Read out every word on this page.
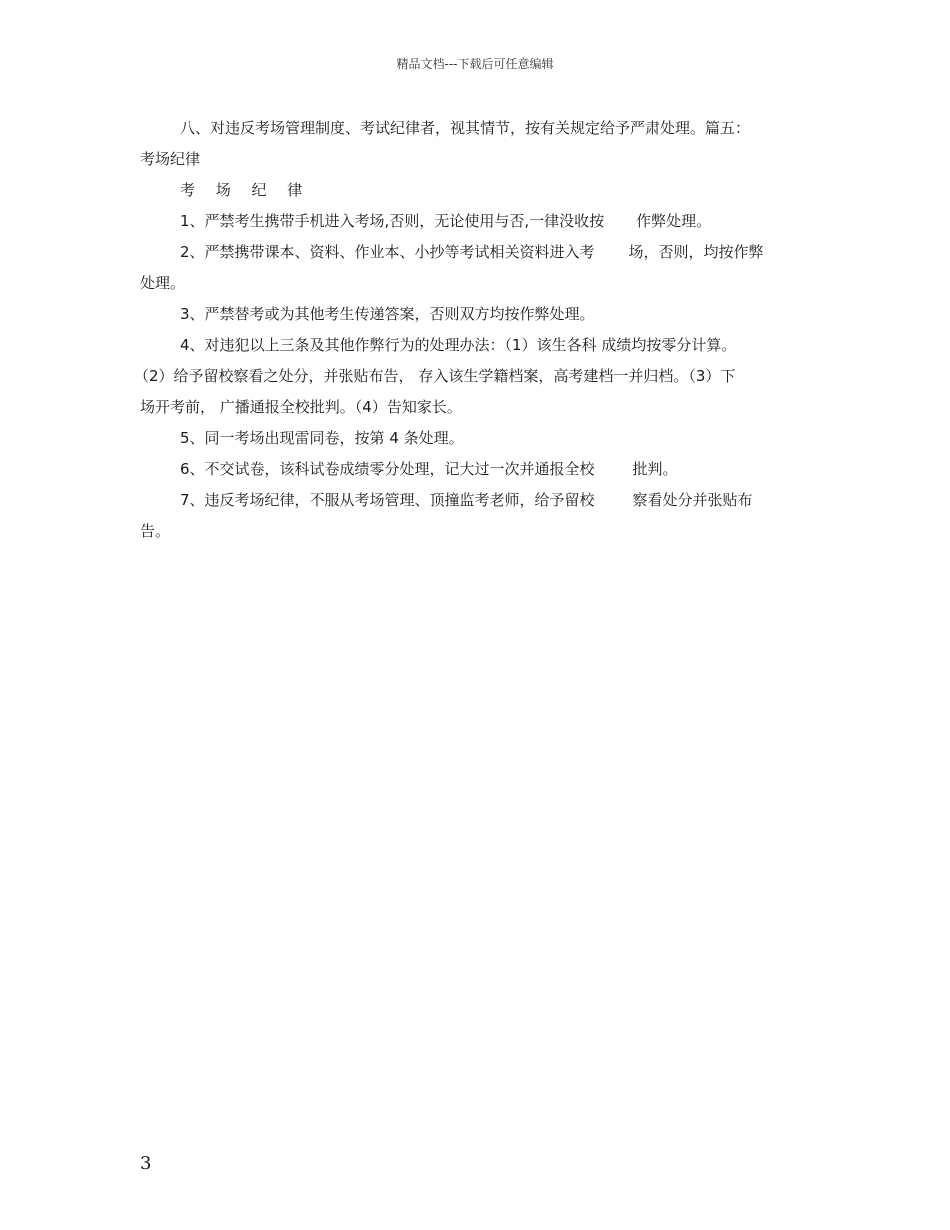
精品文档---下载后可任意编辑
八、对违反考场管理制度、考试纪律者，视其情节，按有关规定给予严肃处理。篇五：
考场纪律
考 场 纪 律
1、严禁考生携带手机进入考场,否则，无论使用与否,一律没收按 作弊处理。
2、严禁携带课本、资料、作业本、小抄等考试相关资料进入考 场，否则，均按作弊
处理。
3、严禁替考或为其他考生传递答案，否则双方均按作弊处理。
4、对违犯以上三条及其他作弊行为的处理办法：（1）该生各科 成绩均按零分计算。
（2）给予留校察看之处分，并张贴布告， 存入该生学籍档案，高考建档一并归档。（3）下
场开考前， 广播通报全校批判。（4）告知家长。
5、同一考场出现雷同卷，按第 4 条处理。
6、不交试卷，该科试卷成绩零分处理，记大过一次并通报全校	批判。
7、违反考场纪律，不服从考场管理、顶撞监考老师，给予留校	察看处分并张贴布
告。
3
